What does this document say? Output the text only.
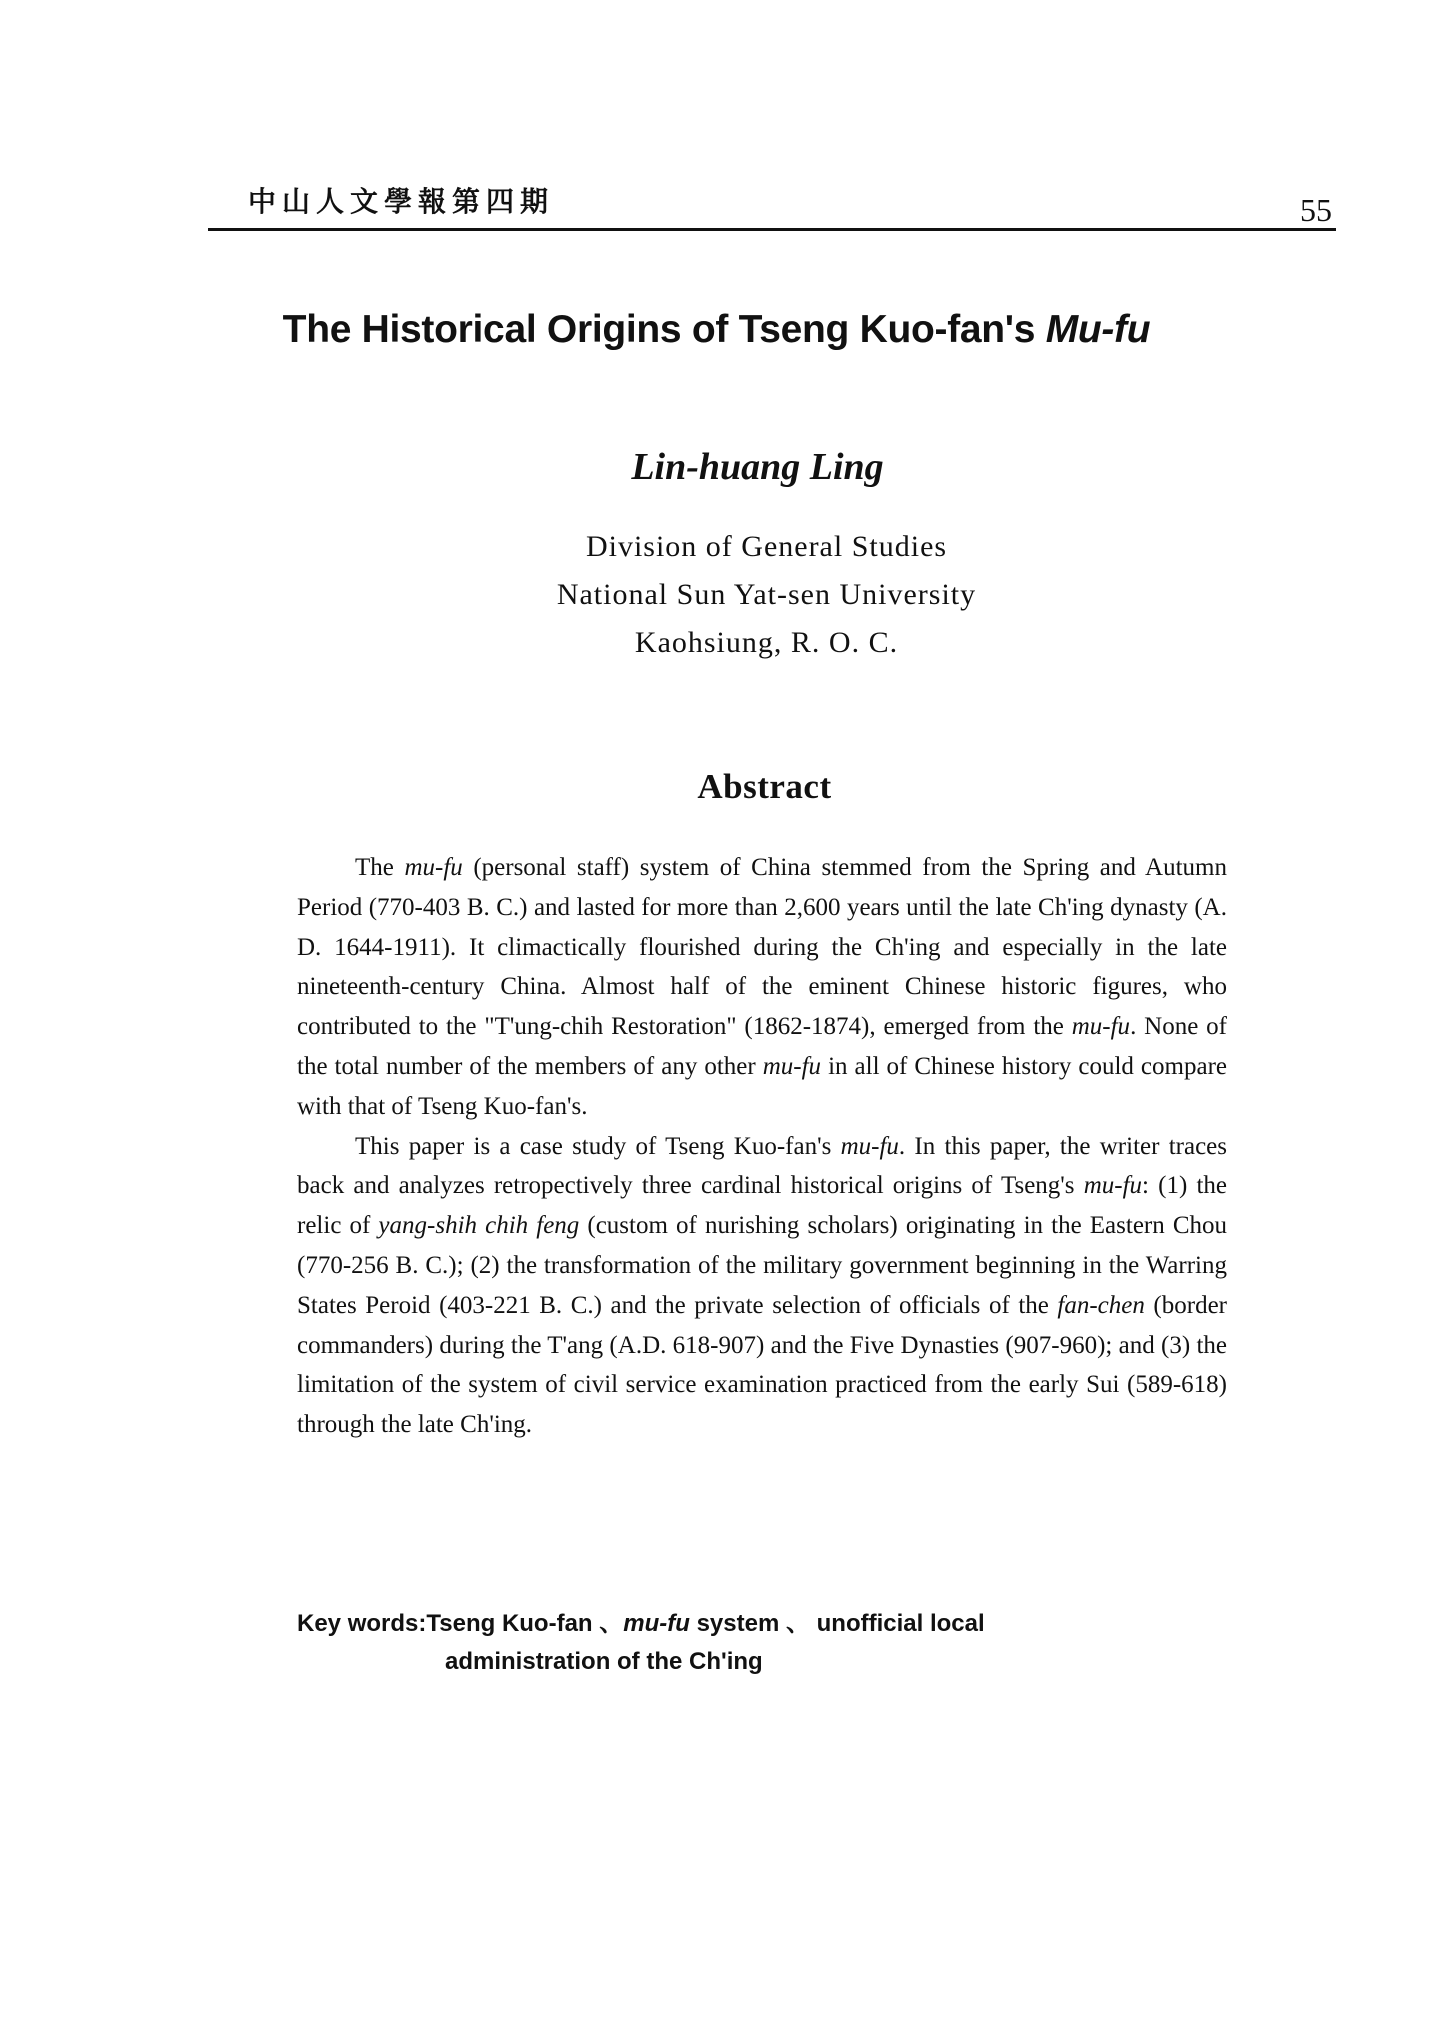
中山人文學報第四期	55
The Historical Origins of Tseng Kuo-fan's Mu-fu
Lin-huang Ling
Division of General Studies
National Sun Yat-sen University
Kaohsiung, R. O. C.
Abstract

The mu-fu (personal staff) system of China stemmed from the Spring and Autumn Period (770-403 B. C.) and lasted for more than 2,600 years until the late Ch'ing dynasty (A. D. 1644-1911). It climactically flourished during the Ch'ing and especially in the late nineteenth-century China. Almost half of the eminent Chinese historic figures, who contributed to the "T'ung-chih Restoration" (1862-1874), emerged from the mu-fu. None of the total number of the members of any other mu-fu in all of Chinese history could compare with that of Tseng Kuo-fan's.

This paper is a case study of Tseng Kuo-fan's mu-fu. In this paper, the writer traces back and analyzes retropectively three cardinal historical origins of Tseng's mu-fu: (1) the relic of yang-shih chih feng (custom of nurishing scholars) originating in the Eastern Chou (770-256 B. C.); (2) the transformation of the military government beginning in the Warring States Peroid (403-221 B. C.) and the private selection of officials of the fan-chen (border commanders) during the T'ang (A.D. 618-907) and the Five Dynasties (907-960); and (3) the limitation of the system of civil service examination practiced from the early Sui (589-618) through the late Ch'ing.

Key words:Tseng Kuo-fan 、mu-fu system 、 unofficial local
administration of the Ch'ing
